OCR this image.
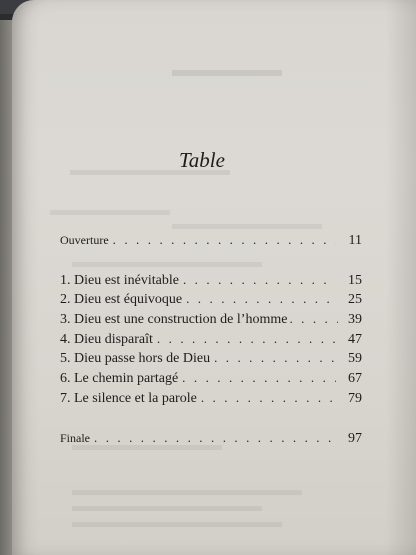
Table
Ouverture . . .	11
1. Dieu est inévitable . . .	15
2. Dieu est équivoque . . .	25
3. Dieu est une construction de l’homme . . .	39
4. Dieu disparaît . . .	47
5. Dieu passe hors de Dieu . . .	59
6. Le chemin partagé . . .	67
7. Le silence et la parole . . .	79
Finale . . .	97
